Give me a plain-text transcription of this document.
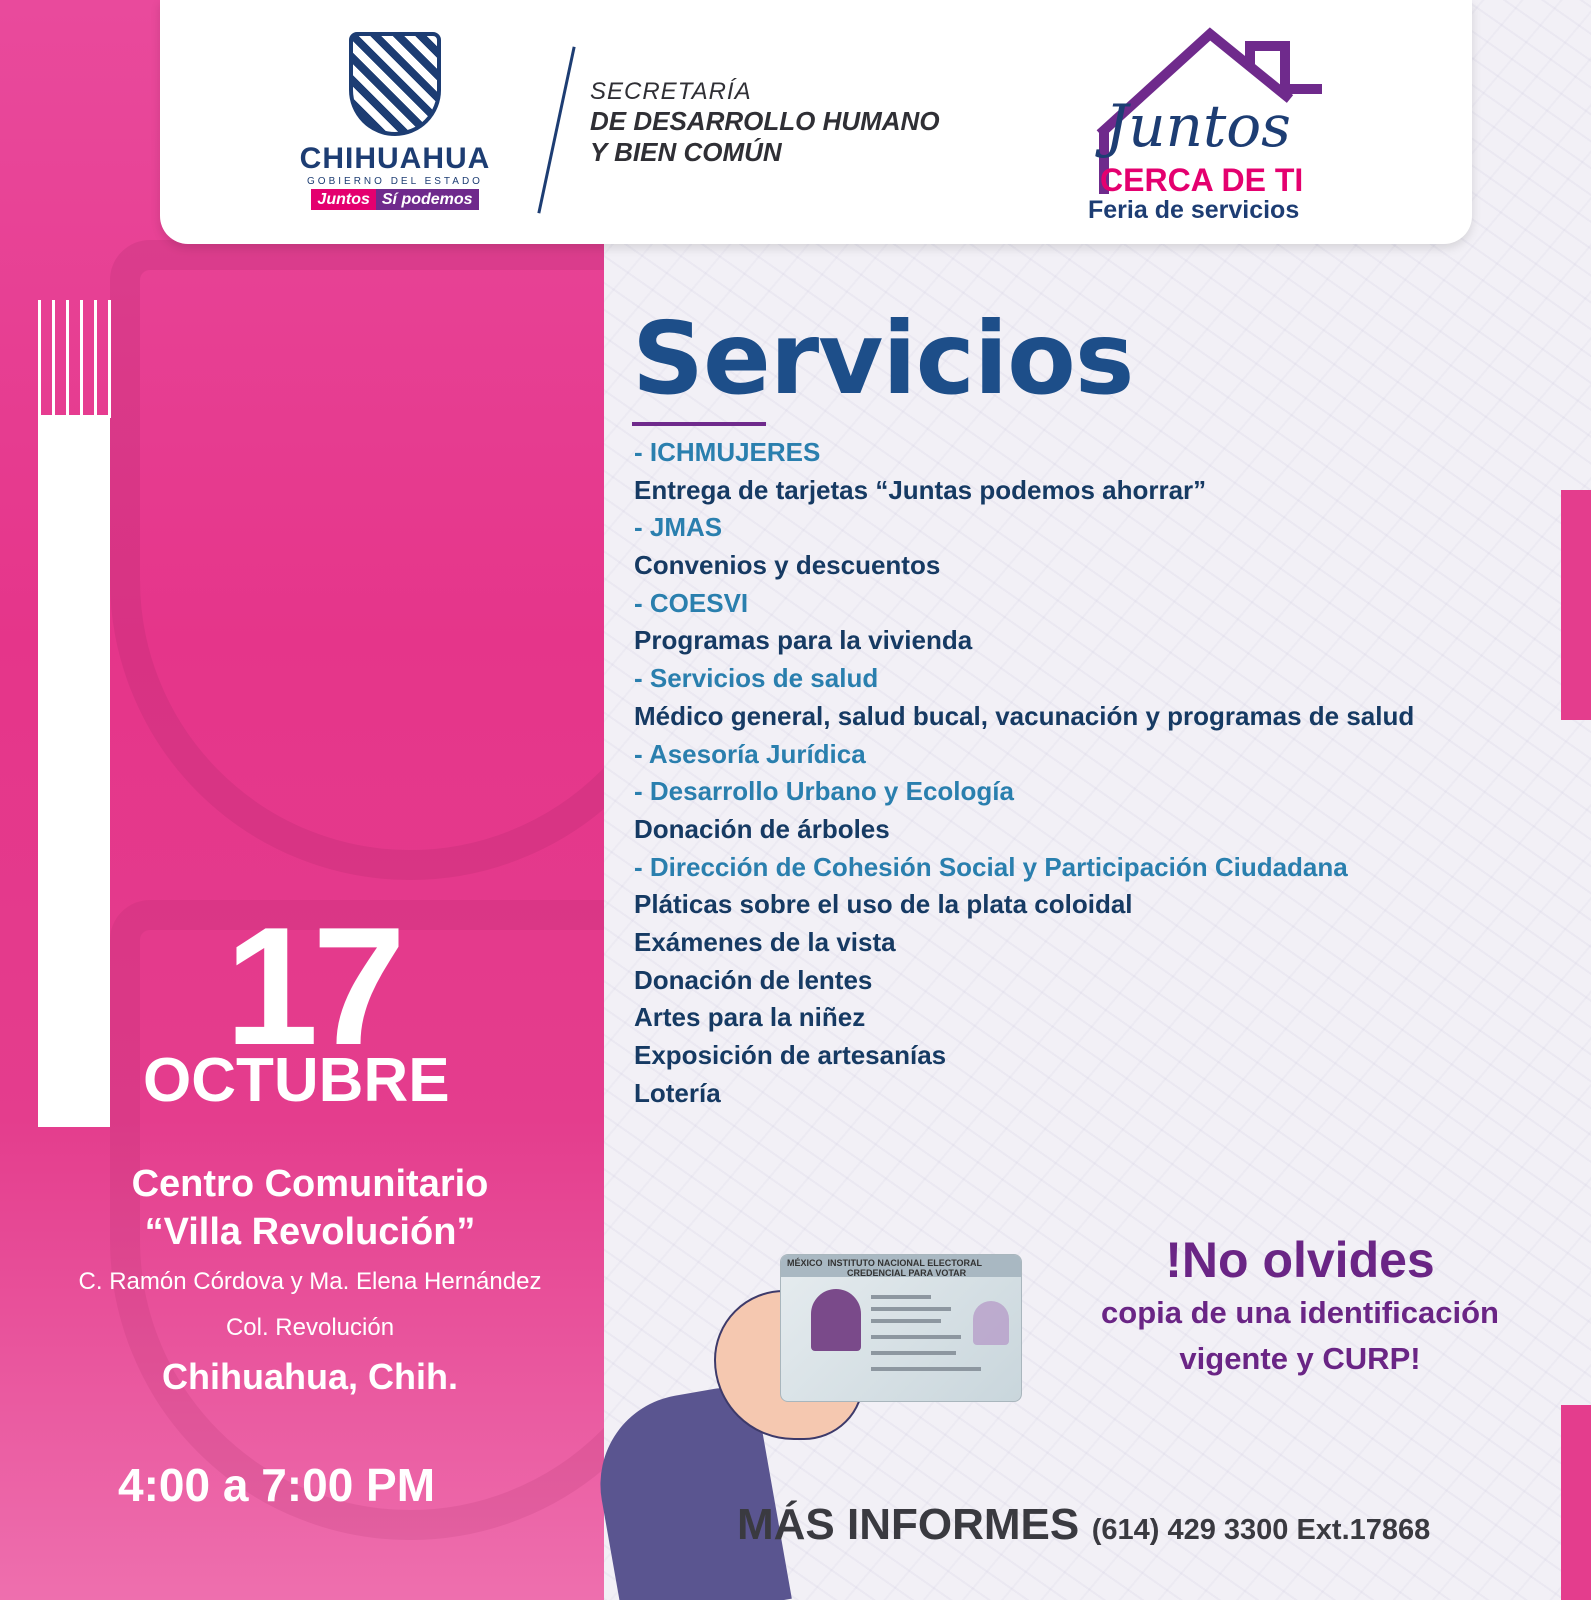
CHIHUAHUA
GOBIERNO DEL ESTADO
Juntos Sí podemos
SECRETARÍA
DE DESARROLLO HUMANO
Y BIEN COMÚN	Juntos
CERCA DE TI
Feria de servicios
Servicios
- ICHMUJERES
Entrega de tarjetas “Juntas podemos ahorrar”
- JMAS
Convenios y descuentos
- COESVI
Programas para la vivienda
- Servicios de salud
Médico general, salud bucal, vacunación y programas de salud
- Asesoría Jurídica
- Desarrollo Urbano y Ecología
Donación de árboles
- Dirección de Cohesión Social y Participación Ciudadana
Pláticas sobre el uso de la plata coloidal
Exámenes de la vista
Donación de lentes
Artes para la niñez
Exposición de artesanías
Lotería
17
OCTUBRE
Centro Comunitario
“Villa Revolución”
C. Ramón Córdova y Ma. Elena Hernández
Col. Revolución
Chihuahua, Chih.
4:00 a 7:00 PM
MÉXICO INSTITUTO NACIONAL ELECTORAL
CREDENCIAL PARA VOTAR	!No olvides
copia de una identificación
vigente y CURP!
MÁS INFORMES (614) 429 3300 Ext.17868
